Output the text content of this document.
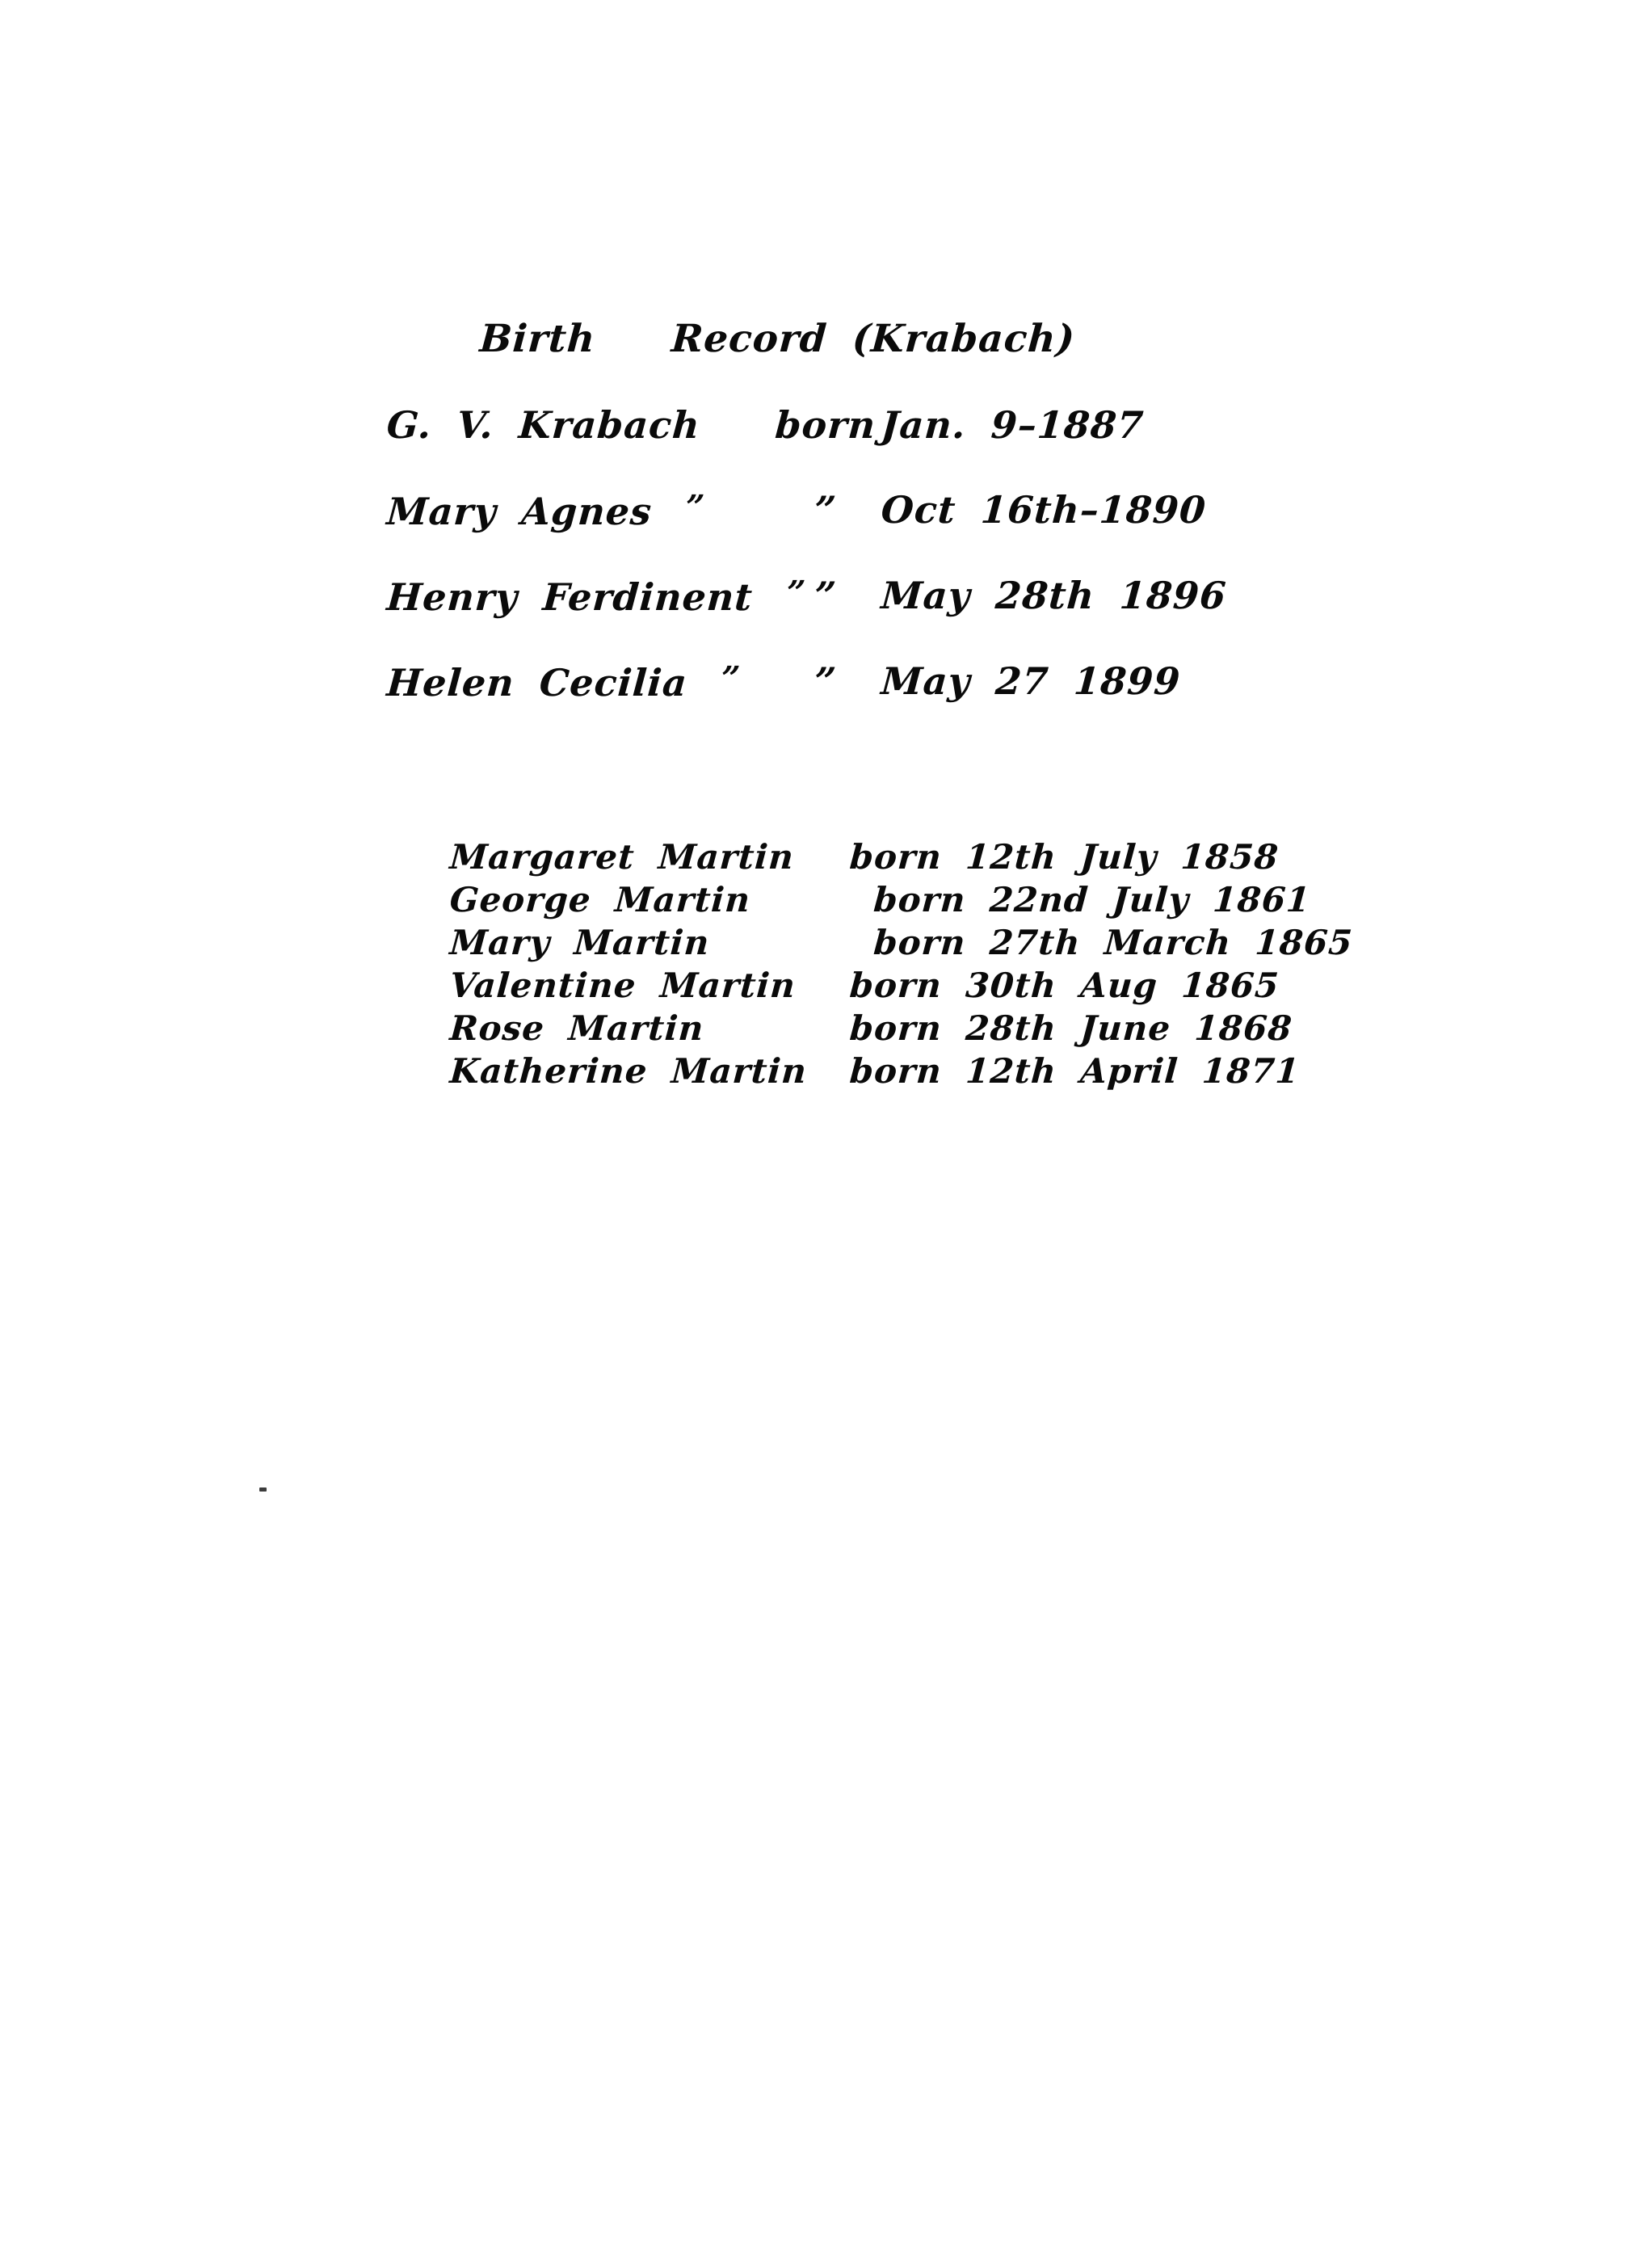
Birth   Record (Krabach)
G. V. Krabach born Jan. 9–1887
Mary Agnes ”	”	Oct 16th–1890
Henry Ferdinent ” ”	May 28th 1896
Helen Cecilia ”	”	May 27 1899

Margaret Martin born 12th July 1858

George Martin	born 22nd July 1861

Mary Martin	born 27th March 1865

Valentine Martin born 30th Aug 1865

Rose Martin	born 28th June 1868

Katherine Martin born 12th April 1871
